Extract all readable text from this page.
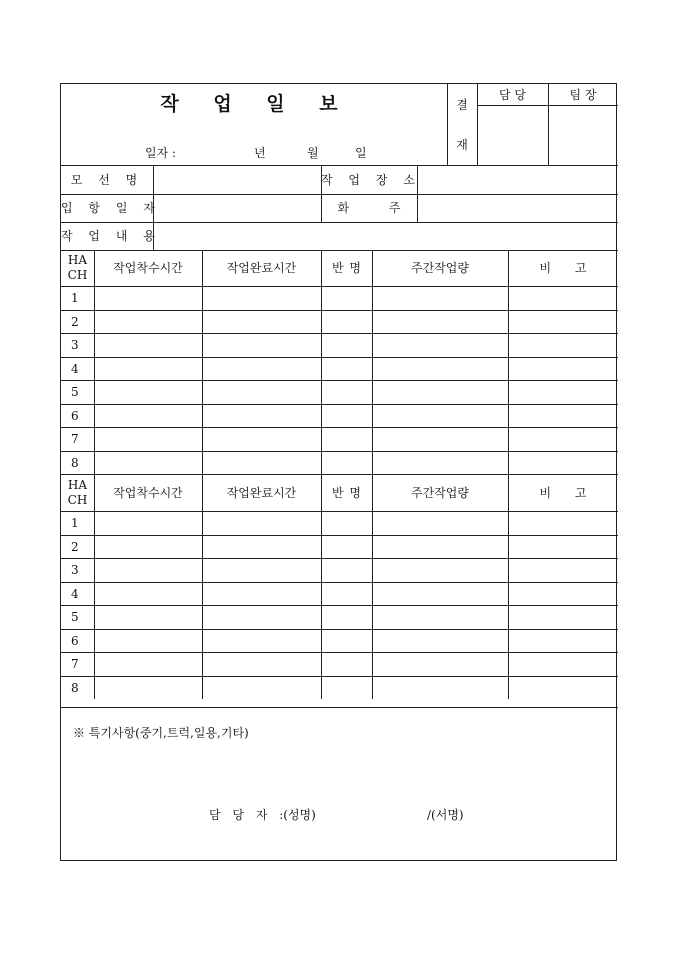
작 업 일 보
일자 :	년	월	일
결
재
담 당	팀 장
모 선 명	작 업 장 소
입 항 일 자	화 주
작 업 내 용
HA
CH	작업착수시간	작업완료시간	반 명	주간작업량	비 고
1
2
3
4
5
6
7
8
HA
CH	작업착수시간	작업완료시간	반 명	주간작업량	비 고
1
2
3
4
5
6
7
8
※ 특기사항(중기,트럭,일용,기타)
담 당 자 :(성명)	/(서명)
